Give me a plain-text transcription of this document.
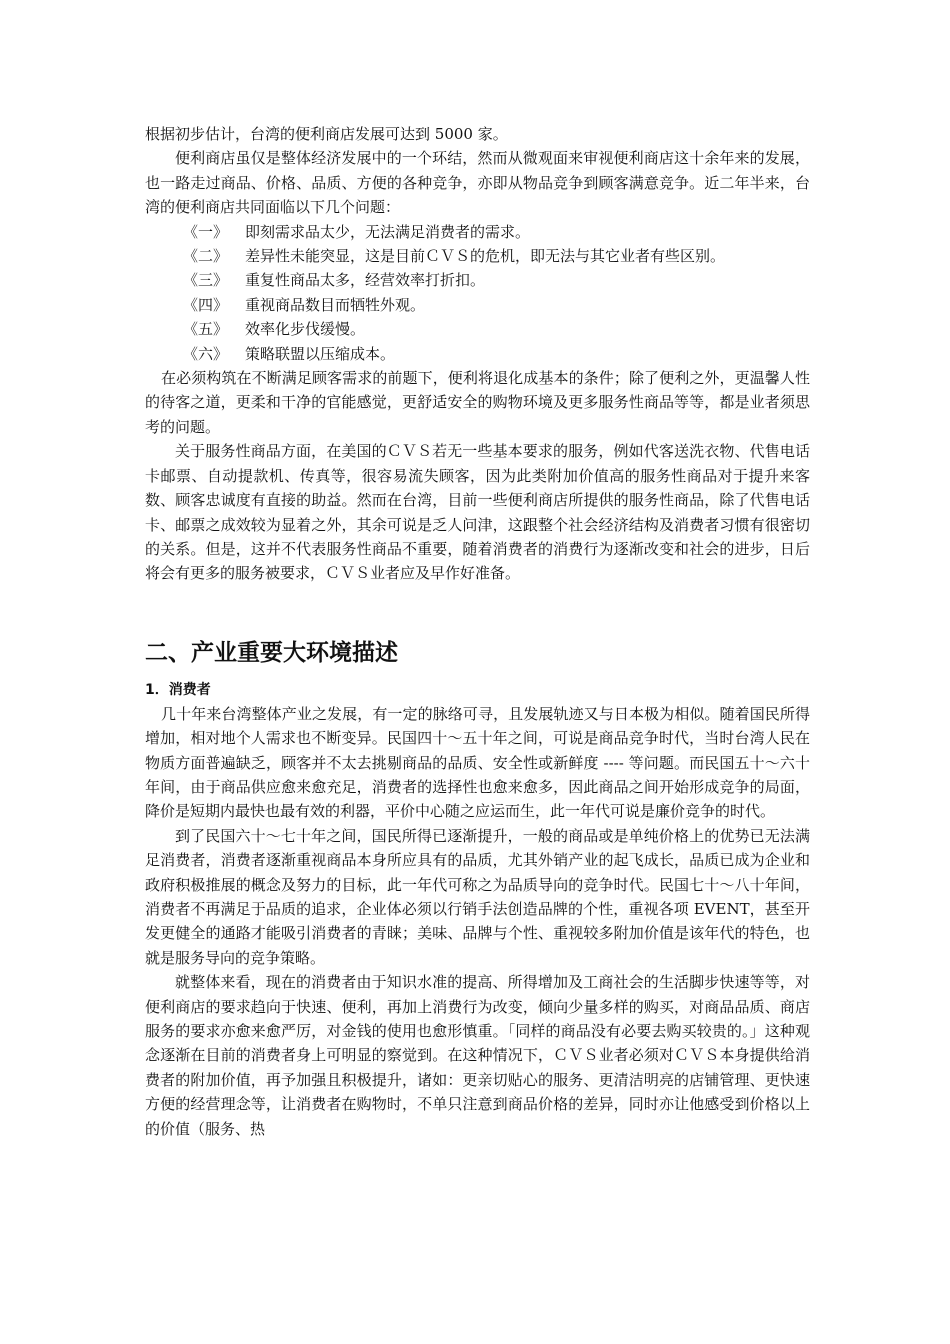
根据初步估计，台湾的便利商店发展可达到 5000 家。

便利商店虽仅是整体经济发展中的一个环结，然而从微观面来审视便利商店这十余年来的发展，也一路走过商品、价格、品质、方便的各种竞争，亦即从物品竞争到顾客满意竞争。近二年半来，台湾的便利商店共同面临以下几个问题：

《一》	即刻需求品太少，无法满足消费者的需求。
《二》	差异性未能突显，这是目前ＣＶＳ的危机，即无法与其它业者有些区别。
《三》	重复性商品太多，经营效率打折扣。
《四》	重视商品数目而牺牲外观。
《五》	效率化步伐缓慢。
《六》	策略联盟以压缩成本。

在必须构筑在不断满足顾客需求的前题下，便利将退化成基本的条件；除了便利之外，更温馨人性的待客之道，更柔和干净的官能感觉，更舒适安全的购物环境及更多服务性商品等等，都是业者须思考的问题。

关于服务性商品方面，在美国的ＣＶＳ若无一些基本要求的服务，例如代客送洗衣物、代售电话卡邮票、自动提款机、传真等，很容易流失顾客，因为此类附加价值高的服务性商品对于提升来客数、顾客忠诚度有直接的助益。然而在台湾，目前一些便利商店所提供的服务性商品，除了代售电话卡、邮票之成效较为显着之外，其余可说是乏人问津，这跟整个社会经济结构及消费者习惯有很密切的关系。但是，这并不代表服务性商品不重要，随着消费者的消费行为逐渐改变和社会的进步，日后将会有更多的服务被要求，ＣＶＳ业者应及早作好准备。

二、产业重要大环境描述
1．消费者

几十年来台湾整体产业之发展，有一定的脉络可寻，且发展轨迹又与日本极为相似。随着国民所得增加，相对地个人需求也不断变异。民国四十～五十年之间，可说是商品竞争时代，当时台湾人民在物质方面普遍缺乏，顾客并不太去挑剔商品的品质、安全性或新鲜度 ---- 等问题。而民国五十～六十年间，由于商品供应愈来愈充足，消费者的选择性也愈来愈多，因此商品之间开始形成竞争的局面，降价是短期内最快也最有效的利器，平价中心随之应运而生，此一年代可说是廉价竞争的时代。

到了民国六十～七十年之间，国民所得已逐渐提升，一般的商品或是单纯价格上的优势已无法满足消费者，消费者逐渐重视商品本身所应具有的品质，尤其外销产业的起飞成长，品质已成为企业和政府积极推展的概念及努力的目标，此一年代可称之为品质导向的竞争时代。民国七十～八十年间，消费者不再满足于品质的追求，企业体必须以行销手法创造品牌的个性，重视各项 EVENT，甚至开发更健全的通路才能吸引消费者的青睐；美味、品牌与个性、重视较多附加价值是该年代的特色，也就是服务导向的竞争策略。

就整体来看，现在的消费者由于知识水准的提高、所得增加及工商社会的生活脚步快速等等，对便利商店的要求趋向于快速、便利，再加上消费行为改变，倾向少量多样的购买，对商品品质、商店服务的要求亦愈来愈严厉，对金钱的使用也愈形慎重。「同样的商品没有必要去购买较贵的。」这种观念逐渐在目前的消费者身上可明显的察觉到。在这种情况下，ＣＶＳ业者必须对ＣＶＳ本身提供给消费者的附加价值，再予加强且积极提升，诸如：更亲切贴心的服务、更清洁明亮的店铺管理、更快速方便的经营理念等，让消费者在购物时，不单只注意到商品价格的差异，同时亦让他感受到价格以上的价值（服务、热
